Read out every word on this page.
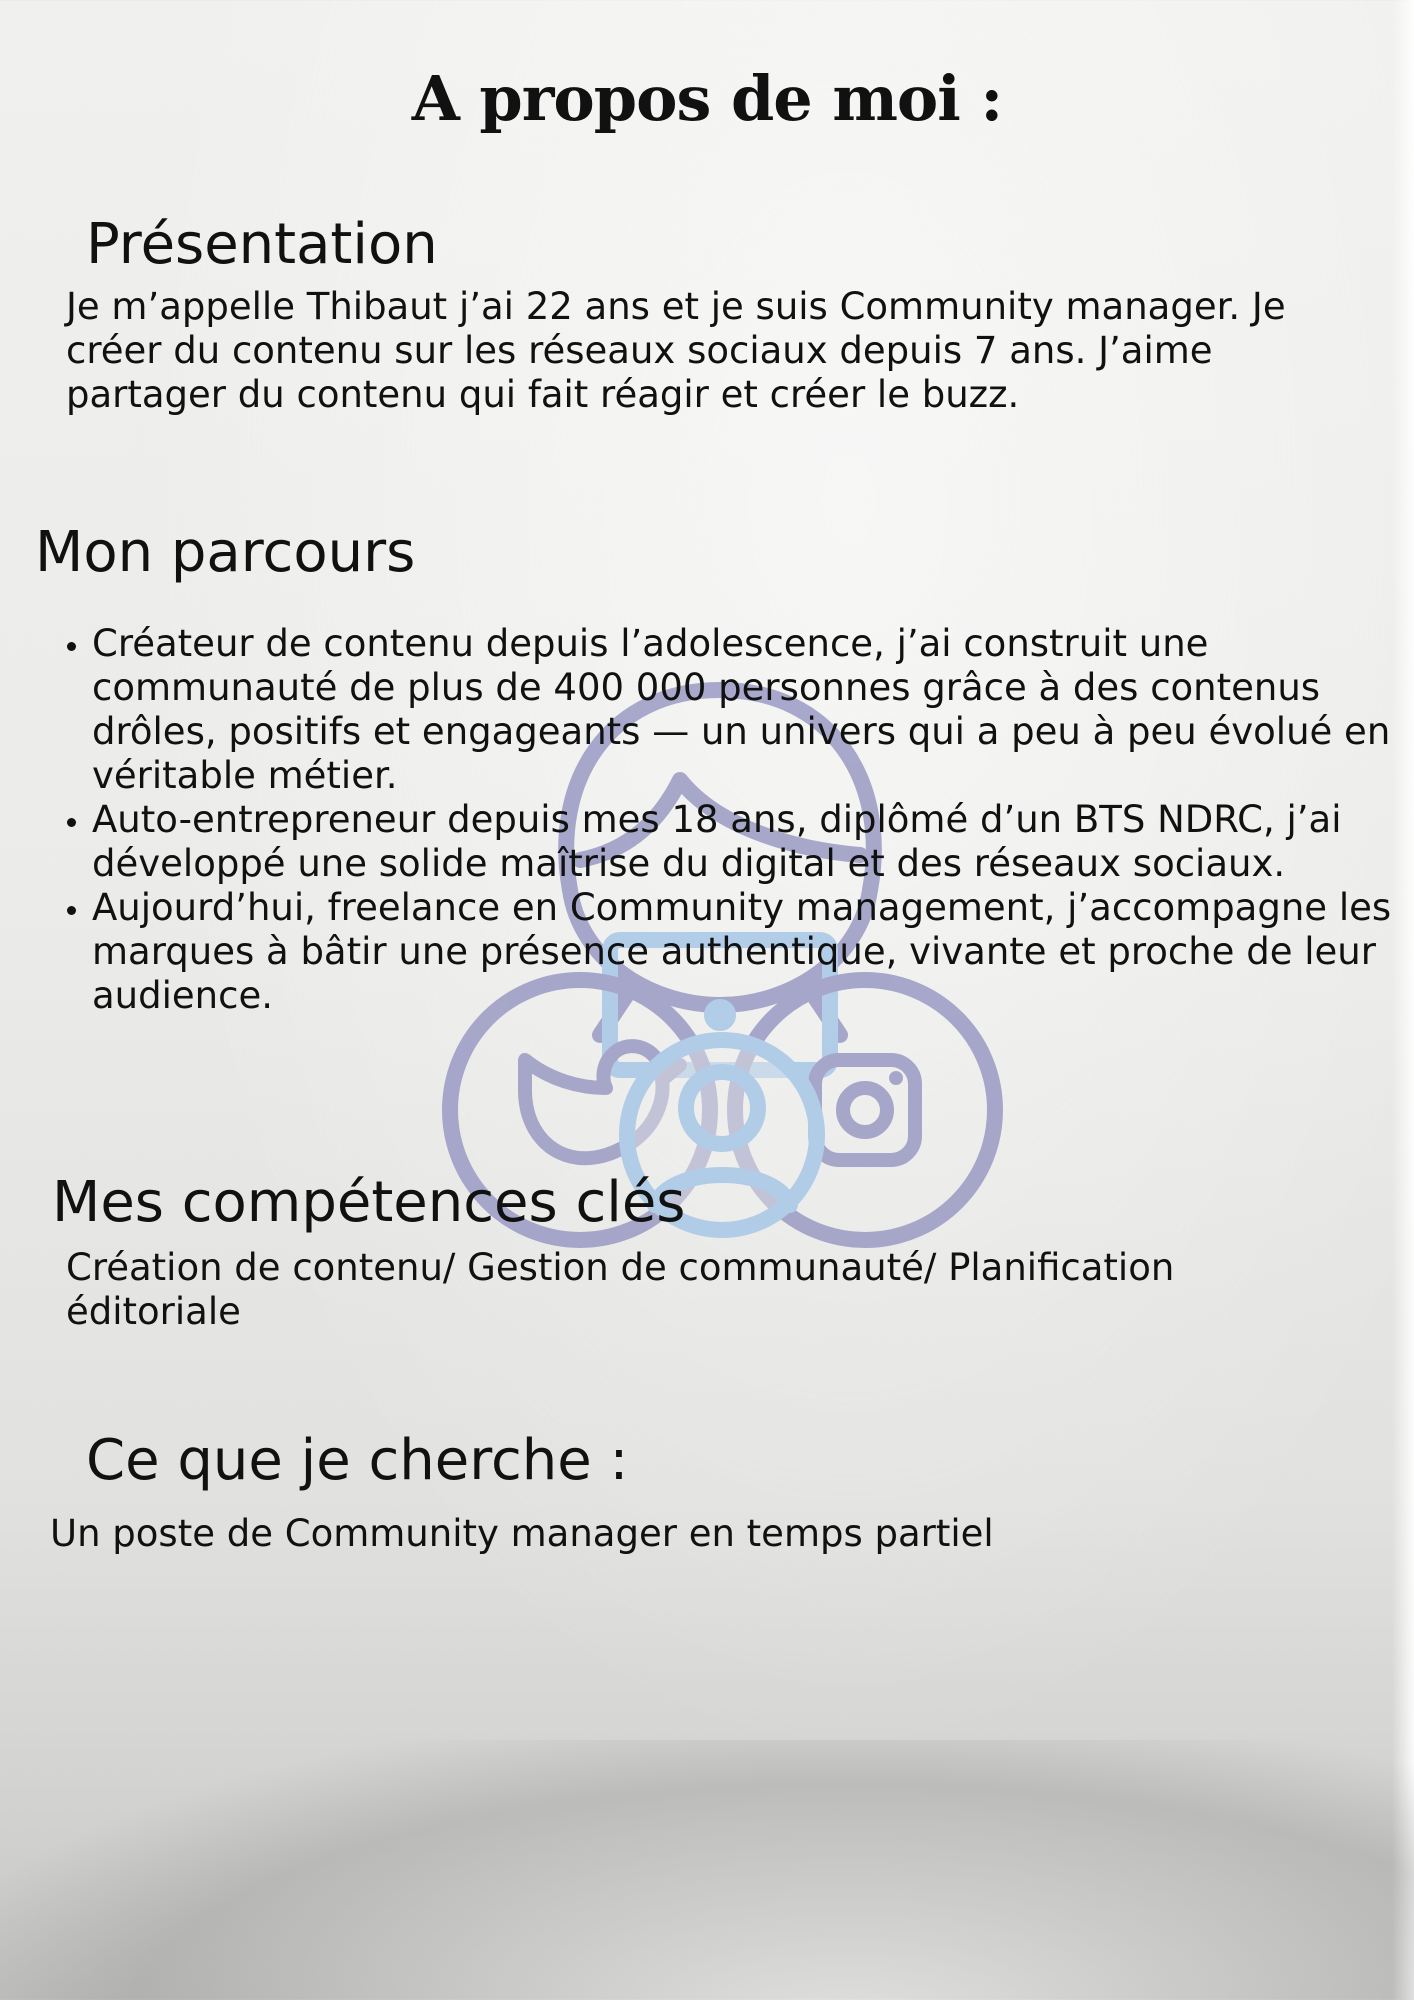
A propos de moi :
Présentation
Je m’appelle Thibaut j’ai 22 ans et je suis Community manager. Je créer du contenu sur les réseaux sociaux depuis 7 ans. J’aime partager du contenu qui fait réagir et créer le buzz.
Mon parcours
• Créateur de contenu depuis l’adolescence, j’ai construit une communauté de plus de 400 000 personnes grâce à des contenus drôles, positifs et engageants — un univers qui a peu à peu évolué en véritable métier.
• Auto-entrepreneur depuis mes 18 ans, diplômé d’un BTS NDRC, j’ai développé une solide maîtrise du digital et des réseaux sociaux.
• Aujourd’hui, freelance en Community management, j’accompagne les marques à bâtir une présence authentique, vivante et proche de leur audience.
Mes compétences clés
Création de contenu/ Gestion de communauté/ Planification éditoriale
Ce que je cherche :
Un poste de Community manager en temps partiel
